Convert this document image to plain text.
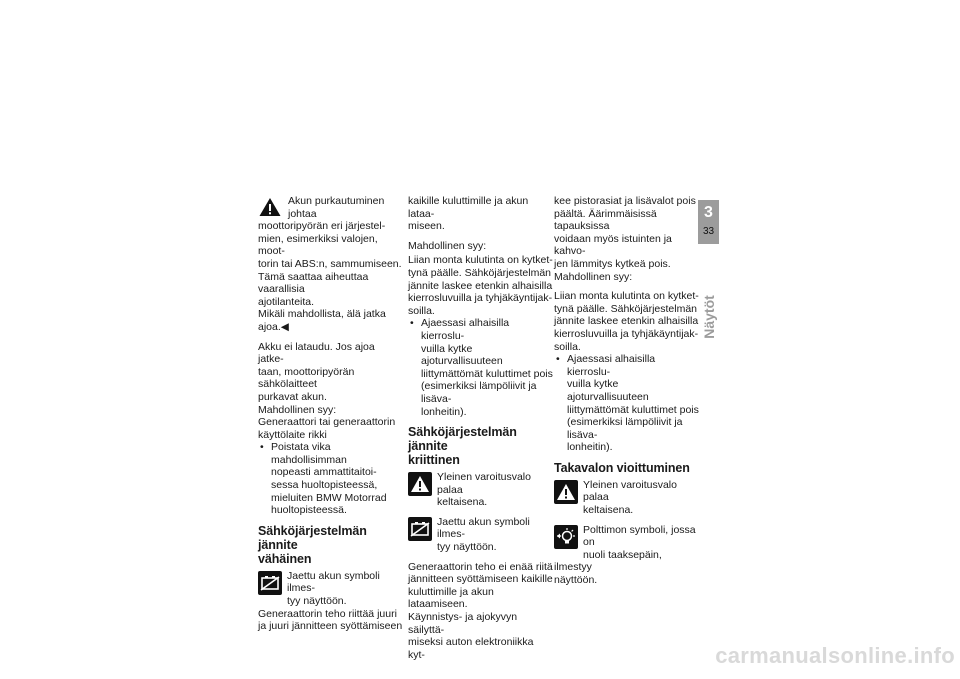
Akun purkautuminen johtaa
moottoripyörän eri järjestel-
mien, esimerkiksi valojen, moot-
torin tai ABS:n, sammumiseen.
Tämä saattaa aiheuttaa vaarallisia
ajotilanteita.
Mikäli mahdollista, älä jatka ajoa.◀

Akku ei lataudu. Jos ajoa jatke-
taan, moottoripyörän sähkölaitteet
purkavat akun.
Mahdollinen syy:
Generaattori tai generaattorin
käyttölaite rikki

• Poistata vika mahdollisimman
nopeasti ammattitaitoi-
sessa huoltopisteessä,
mieluiten BMW Motorrad
huoltopisteessä.
Sähköjärjestelmän jännite
vähäinen
Jaettu akun symboli ilmes-
tyy näyttöön.

Generaattorin teho riittää juuri
ja juuri jännitteen syöttämiseen

kaikille kuluttimille ja akun lataa-
miseen.

Mahdollinen syy:

Liian monta kulutinta on kytket-
tynä päälle. Sähköjärjestelmän
jännite laskee etenkin alhaisilla
kierrosluvuilla ja tyhjäkäyntijak-
soilla.

• Ajaessasi alhaisilla kierroslu-
vuilla kytke ajoturvallisuuteen
liittymättömät kuluttimet pois
(esimerkiksi lämpöliivit ja lisäva-
lonheitin).
Sähköjärjestelmän jännite
kriittinen
Yleinen varoitusvalo palaa
keltaisena.
Jaettu akun symboli ilmes-
tyy näyttöön.

Generaattorin teho ei enää riitä
jännitteen syöttämiseen kaikille
kuluttimille ja akun lataamiseen.
Käynnistys- ja ajokyvyn säilyttä-
miseksi auton elektroniikka kyt-

kee pistorasiat ja lisävalot pois
päältä. Äärimmäisissä tapauksissa
voidaan myös istuinten ja kahvo-
jen lämmitys kytkeä pois.
Mahdollinen syy:

Liian monta kulutinta on kytket-
tynä päälle. Sähköjärjestelmän
jännite laskee etenkin alhaisilla
kierrosluvuilla ja tyhjäkäyntijak-
soilla.

• Ajaessasi alhaisilla kierroslu-
vuilla kytke ajoturvallisuuteen
liittymättömät kuluttimet pois
(esimerkiksi lämpöliivit ja lisäva-
lonheitin).
Takavalon vioittuminen
Yleinen varoitusvalo palaa
keltaisena.
Polttimon symboli, jossa on
nuoli taaksepäin, ilmestyy
näyttöön.
3
33
Näytöt
carmanualsonline.info
